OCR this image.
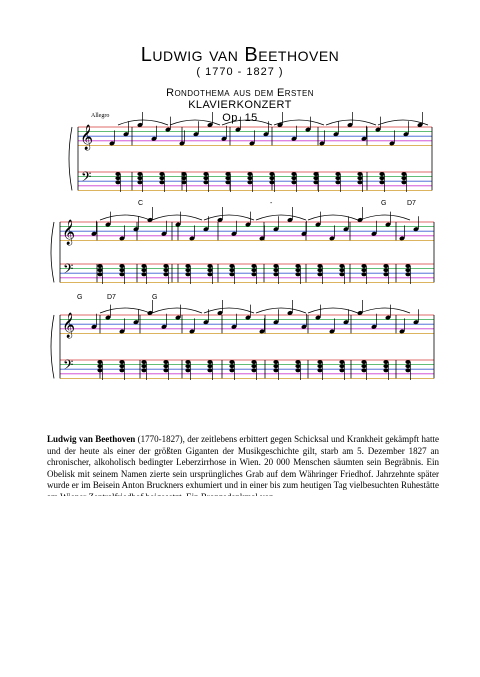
Ludwig van Beethoven
( 1770 - 1827 )
Rondothema aus dem Ersten
KLAVIERKONZERT
Op. 15
Allegro
𝄞
𝄢
𝄞
𝄢
𝄞
𝄢
C	-	G	D7
G	D7	G
Ludwig van Beethoven (1770-1827), der zeitlebens erbittert gegen Schicksal und Krankheit gekämpft hatte und der heute als einer der größten Giganten der Musikgeschichte gilt, starb am 5. Dezember 1827 an chronischer, alkoholisch bedingter Leberzirrhose in Wien. 20 000 Menschen säumten sein Begräbnis. Ein Obelisk mit seinem Namen zierte sein ursprüngliches Grab auf dem Währinger Friedhof. Jahrzehnte später wurde er im Beisein Anton Bruckners exhumiert und in einer bis zum heutigen Tag vielbesuchten Ruhestätte
